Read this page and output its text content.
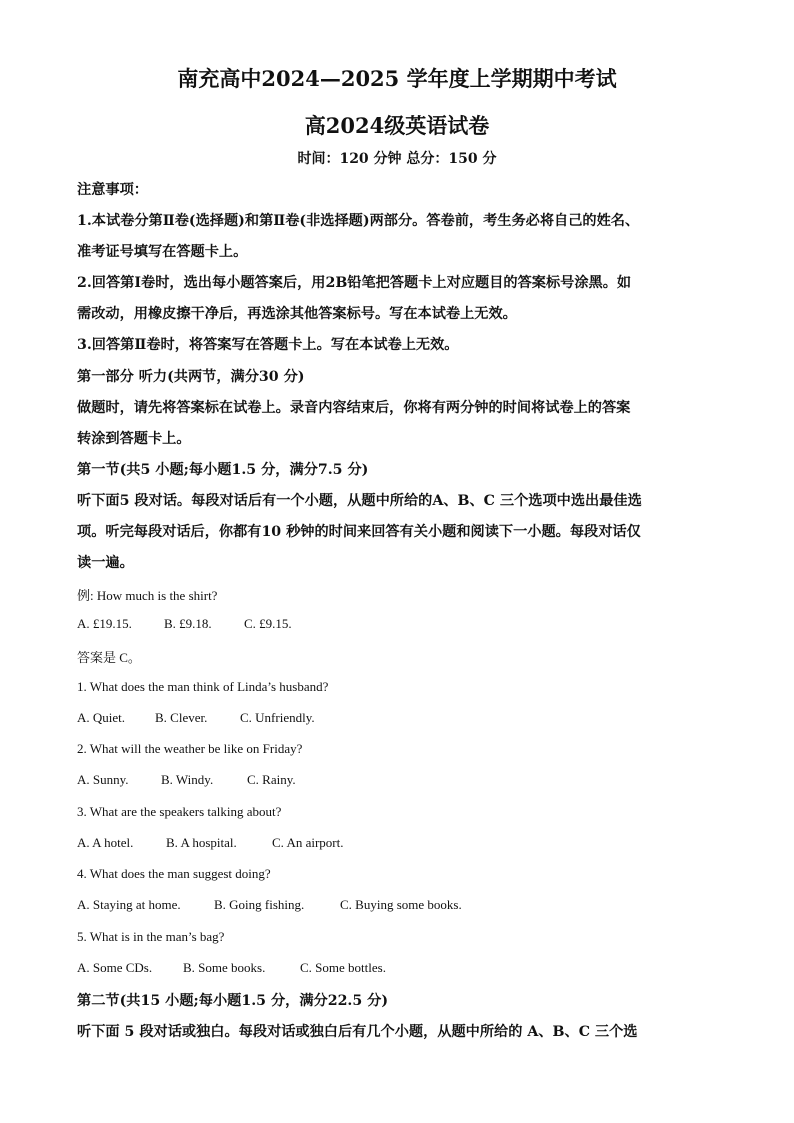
南充高中2024—2025 学年度上学期期中考试
高2024级英语试卷
时间：120 分钟 总分：150 分
注意事项：
1.本试卷分第Ⅱ卷(选择题)和第Ⅱ卷(非选择题)两部分。答卷前，考生务必将自己的姓名、
准考证号填写在答题卡上。
2.回答第Ⅰ卷时，选出每小题答案后，用2B铅笔把答题卡上对应题目的答案标号涂黑。如
需改动，用橡皮擦干净后，再选涂其他答案标号。写在本试卷上无效。
3.回答第Ⅱ卷时，将答案写在答题卡上。写在本试卷上无效。
第一部分 听力(共两节，满分30 分)
做题时，请先将答案标在试卷上。录音内容结束后，你将有两分钟的时间将试卷上的答案
转涂到答题卡上。
第一节(共5 小题;每小题1.5 分，满分7.5 分)
听下面5 段对话。每段对话后有一个小题，从题中所给的A、B、C 三个选项中选出最佳选
项。听完每段对话后，你都有10 秒钟的时间来回答有关小题和阅读下一小题。每段对话仅
读一遍。
例: How much is the shirt?
A. £19.15. B. £9.18. C. £9.15.
答案是 C。
1. What does the man think of Linda’s husband?
A. Quiet. B. Clever.	C. Unfriendly.
2. What will the weather be like on Friday?
A. Sunny. B. Windy.	C. Rainy.
3. What are the speakers talking about?
A. A hotel.	B. A hospital.	C. An airport.
4. What does the man suggest doing?
A. Staying at home.	B. Going fishing.	C. Buying some books.
5. What is in the man’s bag?
A. Some CDs. B. Some books.	C. Some bottles.
第二节(共15 小题;每小题1.5 分，满分22.5 分)
听下面 5 段对话或独白。每段对话或独白后有几个小题，从题中所给的 A、B、C 三个选
